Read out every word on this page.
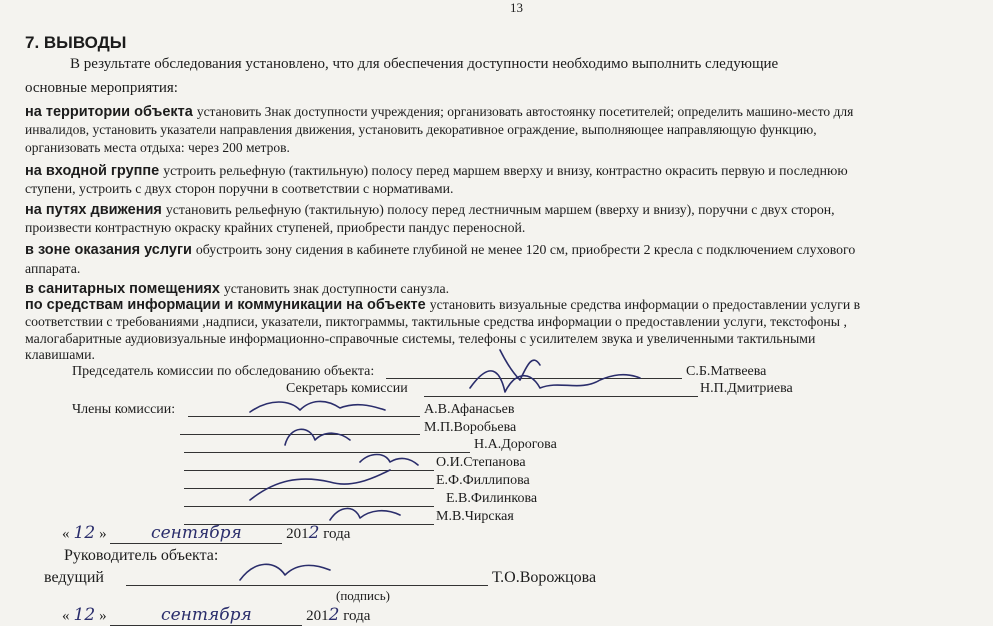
13
7. ВЫВОДЫ
В результате обследования установлено, что для обеспечения доступности необходимо выполнить следующие
основные мероприятия:
на территории объекта установить Знак доступности учреждения; организовать автостоянку посетителей; определить машино-место для
инвалидов, установить указатели направления движения, установить декоративное ограждение, выполняющее направляющую функцию,
организовать места отдыха: через 200 метров.
на входной группе устроить рельефную (тактильную) полосу перед маршем вверху и внизу, контрастно окрасить первую и последнюю
ступени, устроить с двух сторон поручни в соответствии с нормативами.
на путях движения установить рельефную (тактильную) полосу перед лестничным маршем (вверху и внизу), поручни с двух сторон,
произвести контрастную окраску крайних ступеней, приобрести пандус переносной.
в зоне оказания услуги обустроить зону сидения в кабинете глубиной не менее 120 см, приобрести 2 кресла с подключением слухового
аппарата.
в санитарных помещениях установить знак доступности санузла.
по средствам информации и коммуникации на объекте установить визуальные средства информации о предоставлении услуги в
соответствии с требованиями ,надписи, указатели, пиктограммы, тактильные средства информации о предоставлении услуги, текстофоны ,
малогабаритные аудиовизуальные информационно-справочные системы, телефоны с усилителем звука и увеличенными тактильными
клавишами.
Председатель комиссии по обследованию объекта:	С.Б.Матвеева
Секретарь комиссии	Н.П.Дмитриева
Члены комиссии:	А.В.Афанасьев
М.П.Воробьева
Н.А.Дорогова
О.И.Степанова
Е.Ф.Филлипова
Е.В.Филинкова
М.В.Чирская
« 12 »	сентября	2012 года
Руководитель объекта:
ведущий	Т.О.Ворожцова
(подпись)
« 12 »	сентября	2012 года
